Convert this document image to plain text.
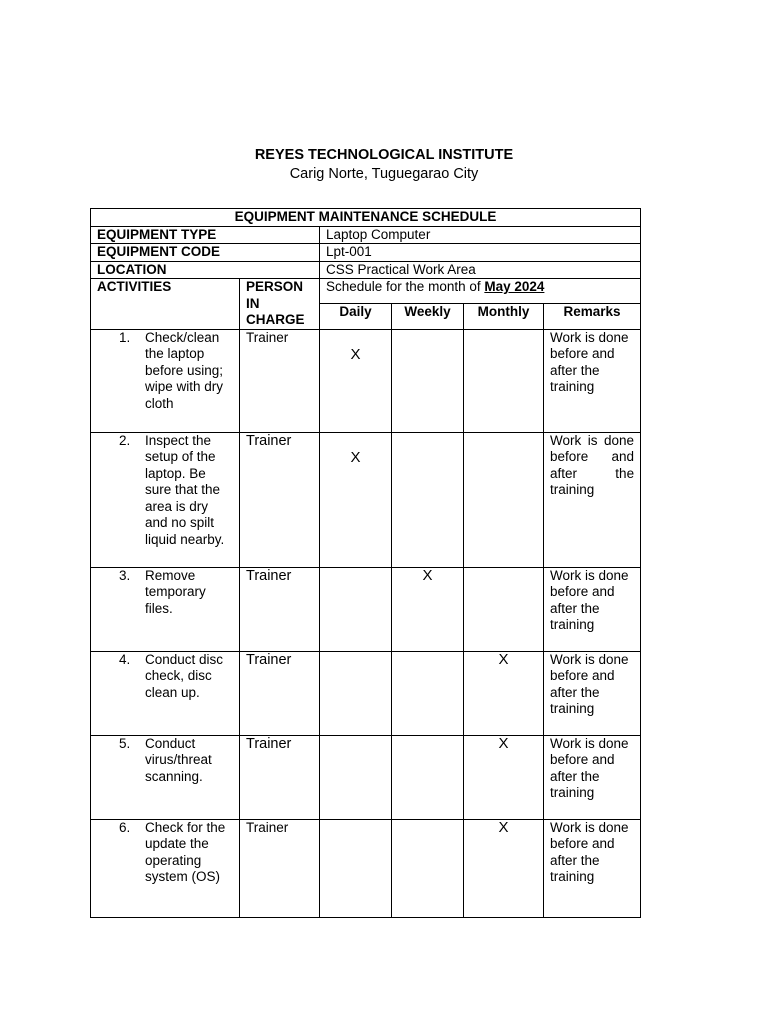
REYES TECHNOLOGICAL INSTITUTE
Carig Norte, Tuguegarao City
EQUIPMENT MAINTENANCE SCHEDULE					
EQUIPMENT TYPE		Laptop Computer			
EQUIPMENT CODE		Lpt-001			
LOCATION		CSS Practical Work Area			
ACTIVITIES	PERSON IN CHARGE	Schedule for the month of May 2024			
		Daily	Weekly	Monthly	Remarks

1. Check/clean the laptop before using; wipe with dry cloth	Trainer	X			Work is done before and after the training

2. Inspect the setup of the laptop. Be sure that the area is dry and no spilt liquid nearby.	Trainer	X			Work is done before and after the training

3. Remove temporary files.	Trainer		X		Work is done before and after the training

4. Conduct disc check, disc clean up.	Trainer			X	Work is done before and after the training

5. Conduct virus/threat scanning.	Trainer			X	Work is done before and after the training

6. Check for the update the operating system (OS)	Trainer			X	Work is done before and after the training
